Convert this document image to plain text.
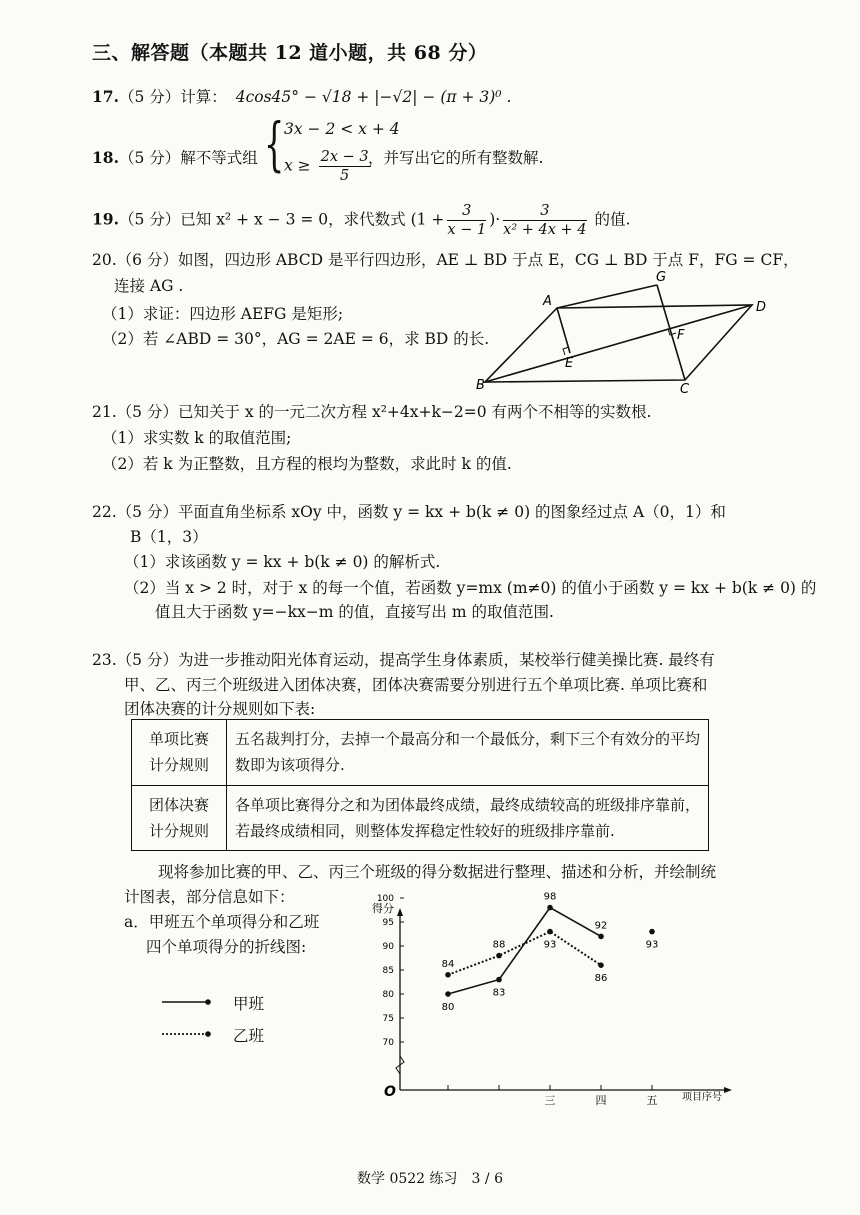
三、解答题（本题共 12 道小题，共 68 分）
17.（5 分）计算： 4cos45° − √18 + |−√2| − (π + 3)⁰ .
18.（5 分）解不等式组 { 3x − 2 < x + 4
$x \ge \frac{2x - 3}{5}$
，并写出它的所有整数解.
19.（5 分）已知 x² + x − 3 = 0，求代数式 ($1 + \frac{3}{x - 1}$ )· $\frac{3}{\text{x² + 4x + 4}}$ 的值.
20.（6 分）如图，四边形 ABCD 是平行四边形，AE ⊥ BD 于点 E，CG ⊥ BD 于点 F，FG = CF，
连接 AG .
（1）求证：四边形 AEFG 是矩形;
（2）若 ∠ABD = 30°，AG = 2AE = 6，求 BD 的长.
A
B	C
D
E
F
G
21.（5 分）已知关于 x 的一元二次方程 x²+4x+k−2=0 有两个不相等的实数根.
（1）求实数 k 的取值范围;
（2）若 k 为正整数，且方程的根均为整数，求此时 k 的值.
22.（5 分）平面直角坐标系 xOy 中，函数 y = kx + b(k ≠ 0) 的图象经过点 A（0，1）和
B（1，3）
（1）求该函数 y = kx + b(k ≠ 0) 的解析式.
（2）当 x > 2 时，对于 x 的每一个值，若函数 y=mx (m≠0) 的值小于函数 y = kx + b(k ≠ 0) 的
值且大于函数 y=−kx−m 的值，直接写出 m 的取值范围.
23.（5 分）为进一步推动阳光体育运动，提高学生身体素质，某校举行健美操比赛. 最终有
甲、乙、丙三个班级进入团体决赛，团体决赛需要分别进行五个单项比赛. 单项比赛和
团体决赛的计分规则如下表:
单项比赛
计分规则	五名裁判打分，去掉一个最高分和一个最低分，剩下三个有效分的平均数即为该项得分.
团体决赛
计分规则	各单项比赛得分之和为团体最终成绩，最终成绩较高的班级排序靠前，若最终成绩相同，则整体发挥稳定性较好的班级排序靠前.
现将参加比赛的甲、乙、丙三个班级的得分数据进行整理、描述和分析，并绘制统
计图表，部分信息如下：
a．甲班五个单项得分和乙班
四个单项得分的折线图:
甲班
乙班
得分
O	项目序号
70
75
80
85
90
95
100
三	四	五
80
83
98
92
93
84
88	93
86
数学 0522 练习　3 / 6
